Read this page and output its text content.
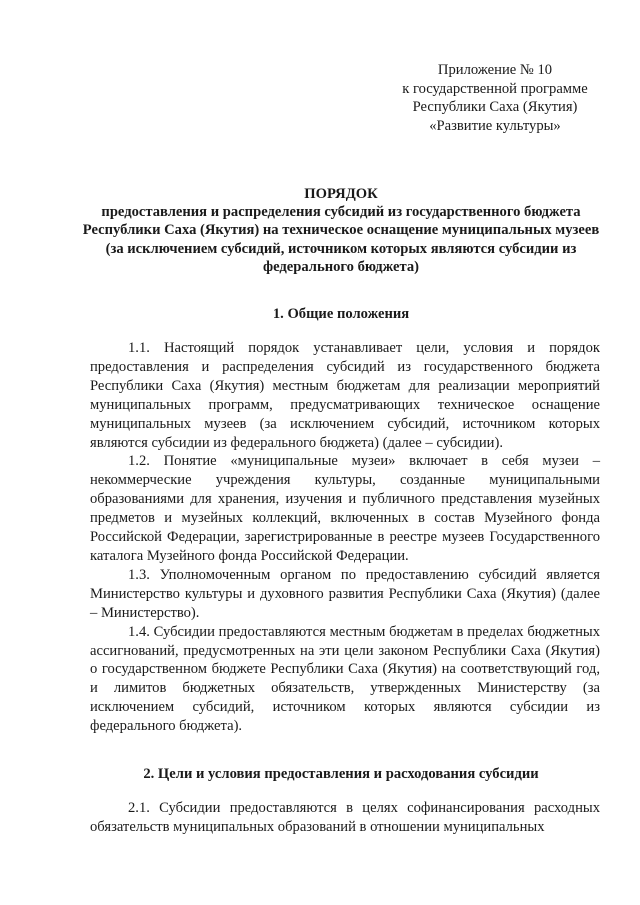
Приложение № 10
к государственной программе
Республики Саха (Якутия)
«Развитие культуры»
ПОРЯДОК
предоставления и распределения субсидий из государственного бюджета Республики Саха (Якутия) на техническое оснащение муниципальных музеев (за исключением субсидий, источником которых являются субсидии из федерального бюджета)
1. Общие положения

1.1. Настоящий порядок устанавливает цели, условия и порядок предоставления и распределения субсидий из государственного бюджета Республики Саха (Якутия) местным бюджетам для реализации мероприятий муниципальных программ, предусматривающих техническое оснащение муниципальных музеев (за исключением субсидий, источником которых являются субсидии из федерального бюджета) (далее – субсидии).

1.2. Понятие «муниципальные музеи» включает в себя музеи – некоммерческие учреждения культуры, созданные муниципальными образованиями для хранения, изучения и публичного представления музейных предметов и музейных коллекций, включенных в состав Музейного фонда Российской Федерации, зарегистрированные в реестре музеев Государственного каталога Музейного фонда Российской Федерации.

1.3. Уполномоченным органом по предоставлению субсидий является Министерство культуры и духовного развития Республики Саха (Якутия) (далее – Министерство).

1.4. Субсидии предоставляются местным бюджетам в пределах бюджетных ассигнований, предусмотренных на эти цели законом Республики Саха (Якутия) о государственном бюджете Республики Саха (Якутия) на соответствующий год, и лимитов бюджетных обязательств, утвержденных Министерству (за исключением субсидий, источником которых являются субсидии из федерального бюджета).

2. Цели и условия предоставления и расходования субсидии

2.1. Субсидии предоставляются в целях софинансирования расходных обязательств муниципальных образований в отношении муниципальных
